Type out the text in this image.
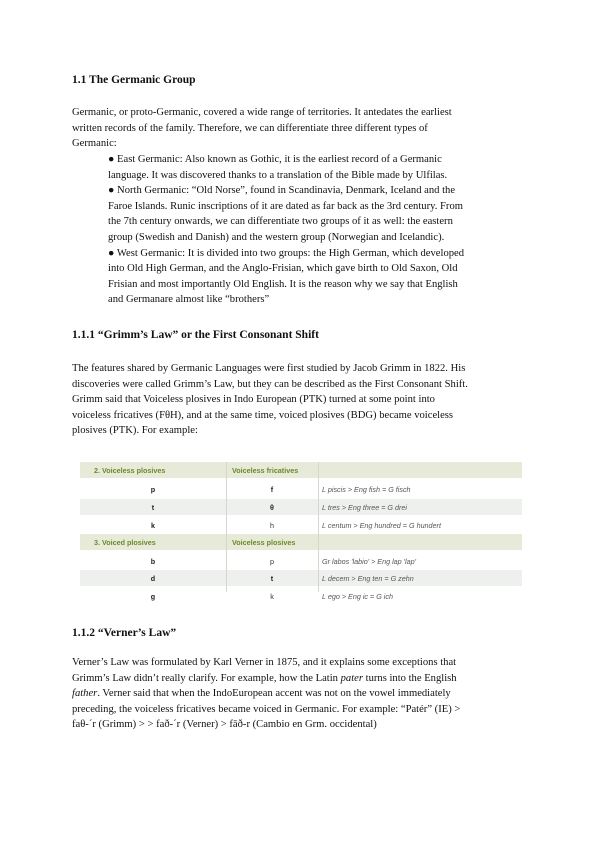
1.1 The Germanic Group
Germanic, or proto-Germanic, covered a wide range of territories. It antedates the earliest
written records of the family. Therefore, we can differentiate three different types of
Germanic:
● East Germanic: Also known as Gothic, it is the earliest record of a Germanic
language. It was discovered thanks to a translation of the Bible made by Ulfilas.
● North Germanic: “Old Norse”, found in Scandinavia, Denmark, Iceland and the
Faroe Islands. Runic inscriptions of it are dated as far back as the 3rd century. From
the 7th century onwards, we can differentiate two groups of it as well: the eastern
group (Swedish and Danish) and the western group (Norwegian and Icelandic).
● West Germanic: It is divided into two groups: the High German, which developed
into Old High German, and the Anglo-Frisian, which gave birth to Old Saxon, Old
Frisian and most importantly Old English. It is the reason why we say that English
and Germanare almost like “brothers”
1.1.1 “Grimm’s Law” or the First Consonant Shift
The features shared by Germanic Languages were first studied by Jacob Grimm in 1822. His
discoveries were called Grimm’s Law, but they can be described as the First Consonant Shift.
Grimm said that Voiceless plosives in Indo European (PTK) turned at some point into
voiceless fricatives (FθH), and at the same time, voiced plosives (BDG) became voiceless
plosives (PTK). For example:
2. Voiceless plosives	Voiceless fricatives
p	f	L piscis > Eng fish = G fisch
t	θ	L tres > Eng three = G drei
k	h	L centum > Eng hundred = G hundert
3. Voiced plosives	Voiceless plosives
b	p	Gr labos 'labio' > Eng lap 'lap'
d	t	L decem > Eng ten = G zehn
g	k	L ego > Eng ic = G ich
1.1.2 “Verner’s Law”
Verner’s Law was formulated by Karl Verner in 1875, and it explains some exceptions that
Grimm’s Law didn’t really clarify. For example, how the Latin pater turns into the English
father. Verner said that when the IndoEuropean accent was not on the vowel immediately
preceding, the voiceless fricatives became voiced in Germanic. For example: “Patér” (IE) >
faθ-´r (Grimm) > > fað-´r (Verner) > fāð-r (Cambio en Grm. occidental)
